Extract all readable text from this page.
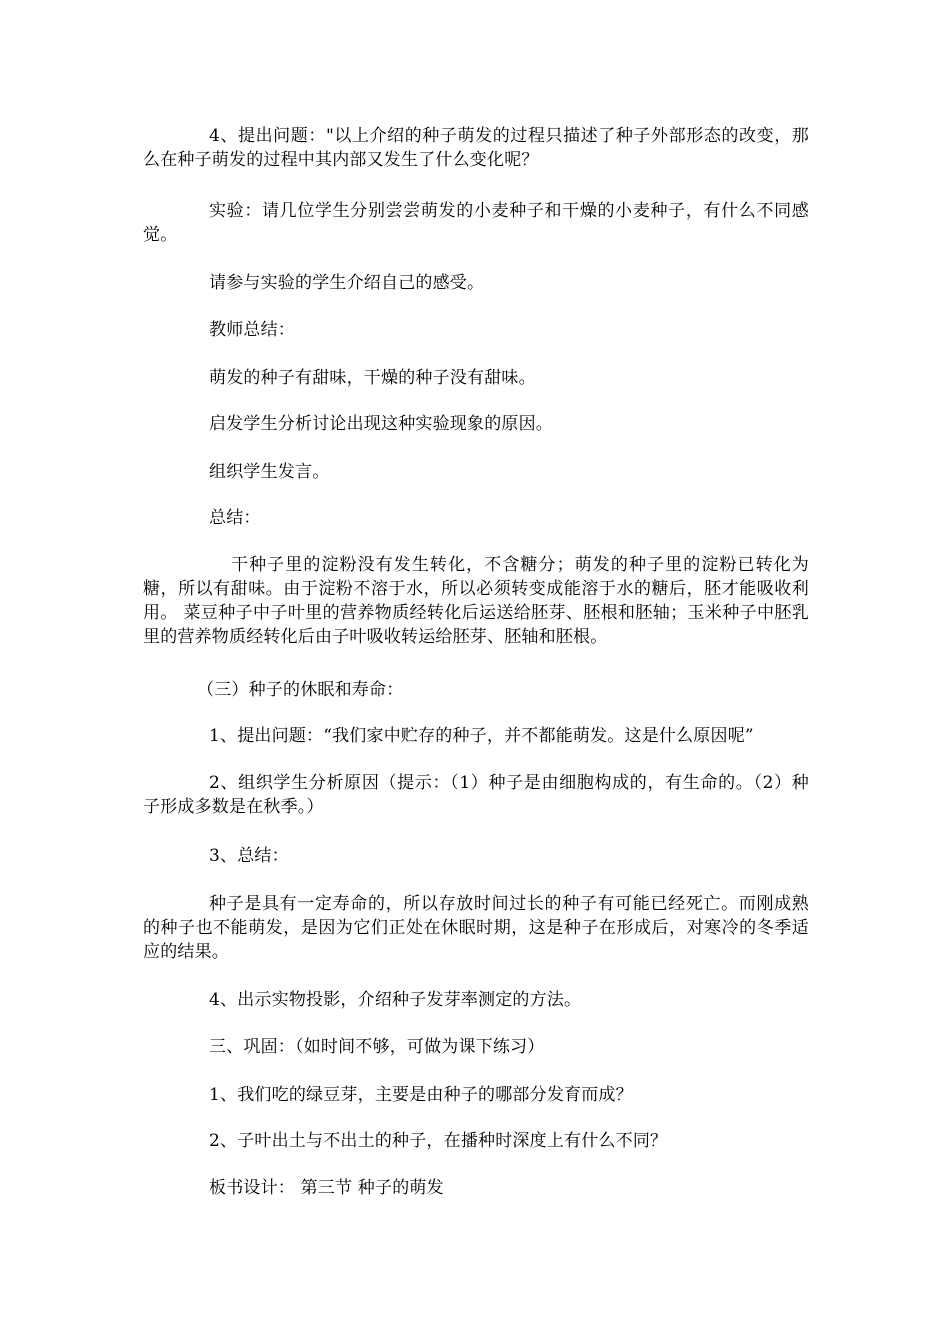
4、提出问题："以上介绍的种子萌发的过程只描述了种子外部形态的改变，那么在种子萌发的过程中其内部又发生了什么变化呢？

实验：请几位学生分别尝尝萌发的小麦种子和干燥的小麦种子，有什么不同感觉。

请参与实验的学生介绍自己的感受。

教师总结：

萌发的种子有甜味，干燥的种子没有甜味。

启发学生分析讨论出现这种实验现象的原因。

组织学生发言。

总结：

干种子里的淀粉没有发生转化，不含糖分；萌发的种子里的淀粉已转化为糖，所以有甜味。由于淀粉不溶于水，所以必须转变成能溶于水的糖后，胚才能吸收利用。 菜豆种子中子叶里的营养物质经转化后运送给胚芽、胚根和胚轴；玉米种子中胚乳里的营养物质经转化后由子叶吸收转运给胚芽、胚轴和胚根。

（三）种子的休眠和寿命：

1、提出问题：“我们家中贮存的种子，并不都能萌发。这是什么原因呢”

2、组织学生分析原因（提示：（1）种子是由细胞构成的，有生命的。（2）种子形成多数是在秋季。）

3、总结：

种子是具有一定寿命的，所以存放时间过长的种子有可能已经死亡。而刚成熟的种子也不能萌发，是因为它们正处在休眠时期，这是种子在形成后，对寒冷的冬季适应的结果。

4、出示实物投影，介绍种子发芽率测定的方法。

三、巩固：（如时间不够，可做为课下练习）

1、我们吃的绿豆芽，主要是由种子的哪部分发育而成？

2、子叶出土与不出土的种子，在播种时深度上有什么不同？

板书设计： 第三节 种子的萌发
